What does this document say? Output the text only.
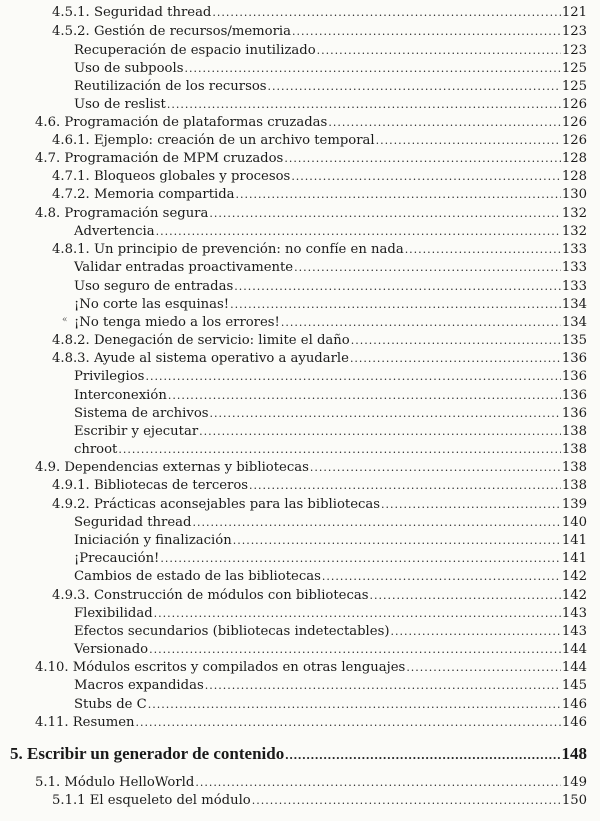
4.5.1. Seguridad thread .....	121
4.5.2. Gestión de recursos/memoria .....	123
Recuperación de espacio inutilizado .....	123
Uso de subpools .....	125
Reutilización de los recursos .....	125
Uso de reslist .....	126
4.6. Programación de plataformas cruzadas .....	126
4.6.1. Ejemplo: creación de un archivo temporal .....	126
4.7. Programación de MPM cruzados .....	128
4.7.1. Bloqueos globales y procesos .....	128
4.7.2. Memoria compartida .....	130
4.8. Programación segura .....	132
Advertencia .....	132
4.8.1. Un principio de prevención: no confíe en nada .....	133
Validar entradas proactivamente .....	133
Uso seguro de entradas .....	133
¡No corte las esquinas! .....	134
¡No tenga miedo a los errores! .....	134
4.8.2. Denegación de servicio: limite el daño .....	135
4.8.3. Ayude al sistema operativo a ayudarle .....	136
Privilegios .....	136
Interconexión .....	136
Sistema de archivos .....	136
Escribir y ejecutar .....	138
chroot .....	138
4.9. Dependencias externas y bibliotecas .....	138
4.9.1. Bibliotecas de terceros .....	138
4.9.2. Prácticas aconsejables para las bibliotecas .....	139
Seguridad thread .....	140
Iniciación y finalización .....	141
¡Precaución! .....	141
Cambios de estado de las bibliotecas .....	142
4.9.3. Construcción de módulos con bibliotecas .....	142
Flexibilidad .....	143
Efectos secundarios (bibliotecas indetectables) .....	143
Versionado .....	144
4.10. Módulos escritos y compilados en otras lenguajes .....	144
Macros expandidas .....	145
Stubs de C .....	146
4.11. Resumen .....	146
5. Escribir un generador de contenido .....	148
5.1. Módulo HelloWorld .....	149
5.1.1 El esqueleto del módulo .....	150
«
